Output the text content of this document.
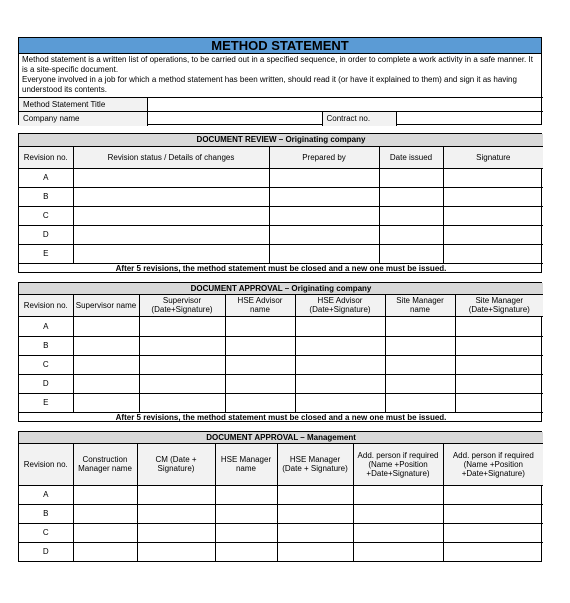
METHOD STATEMENT

Method statement is a written list of operations, to be carried out in a specified sequence, in order to complete a work activity in a safe manner. It is a site-specific document.

Everyone involved in a job for which a method statement has been written, should read it (or have it explained to them) and sign it as having understood its contents.

Method Statement Title			
Company name		Contract no.	
DOCUMENT REVIEW – Originating company				
Revision no.	Revision status / Details of changes	Prepared by	Date issued	Signature
A				
B				
C				
D				
E				
After 5 revisions, the method statement must be closed and a new one must be issued.				
DOCUMENT APPROVAL – Originating company						
Revision no.	Supervisor name	Supervisor (Date+Signature)	HSE Advisor name	HSE Advisor (Date+Signature)	Site Manager name	Site Manager (Date+Signature)
A						
B						
C						
D						
E						
After 5 revisions, the method statement must be closed and a new one must be issued.						
DOCUMENT APPROVAL – Management						
Revision no.	Construction Manager name	CM (Date + Signature)	HSE Manager name	HSE Manager (Date + Signature)	Add. person if required (Name +Position +Date+Signature)	Add. person if required (Name +Position +Date+Signature)
A						
B						
C						
D						
